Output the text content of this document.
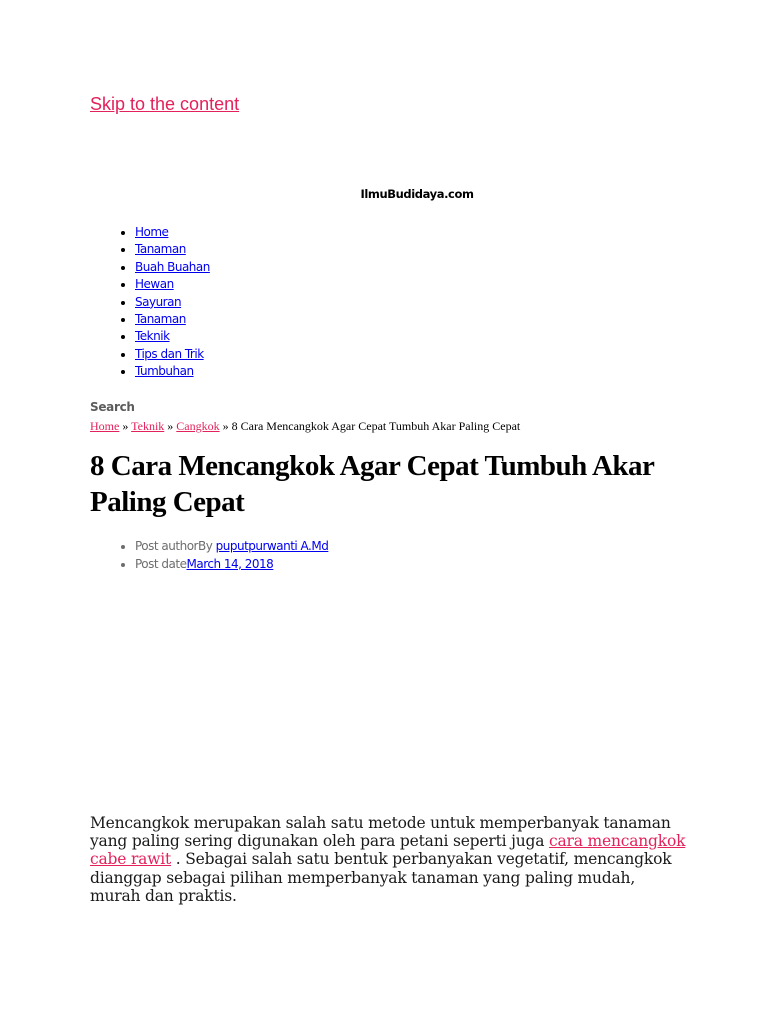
Skip to the content
IlmuBudidaya.com
• Home
• Tanaman
• Buah Buahan
• Hewan
• Sayuran
• Tanaman
• Teknik
• Tips dan Trik
• Tumbuhan
Search
Home » Teknik » Cangkok » 8 Cara Mencangkok Agar Cepat Tumbuh Akar Paling Cepat
8 Cara Mencangkok Agar Cepat Tumbuh Akar Paling Cepat
• Post authorBy puputpurwanti A.Md
• Post dateMarch 14, 2018

Mencangkok merupakan salah satu metode untuk memperbanyak tanaman yang paling sering digunakan oleh para petani seperti juga cara mencangkok cabe rawit . Sebagai salah satu bentuk perbanyakan vegetatif, mencangkok dianggap sebagai pilihan memperbanyak tanaman yang paling mudah, murah dan praktis.
